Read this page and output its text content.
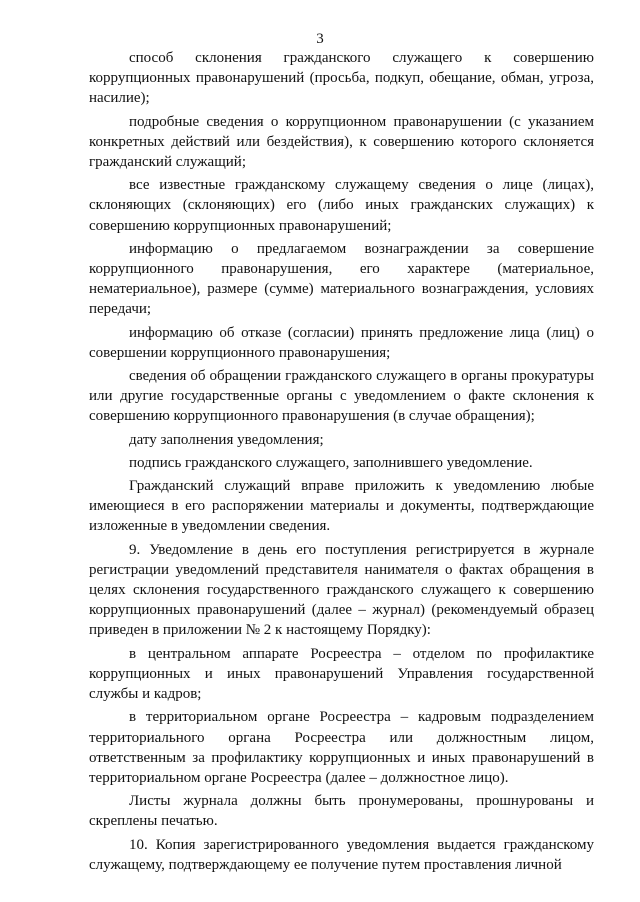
3

способ склонения гражданского служащего к совершению коррупционных правонарушений (просьба, подкуп, обещание, обман, угроза, насилие);

подробные сведения о коррупционном правонарушении (с указанием конкретных действий или бездействия), к совершению которого склоняется гражданский служащий;

все известные гражданскому служащему сведения о лице (лицах), склоняющих (склоняющих) его (либо иных гражданских служащих) к совершению коррупционных правонарушений;

информацию о предлагаемом вознаграждении за совершение коррупционного правонарушения, его характере (материальное, нематериальное), размере (сумме) материального вознаграждения, условиях передачи;

информацию об отказе (согласии) принять предложение лица (лиц) о совершении коррупционного правонарушения;

сведения об обращении гражданского служащего в органы прокуратуры или другие государственные органы с уведомлением о факте склонения к совершению коррупционного правонарушения (в случае обращения);

дату заполнения уведомления;

подпись гражданского служащего, заполнившего уведомление.

Гражданский служащий вправе приложить к уведомлению любые имеющиеся в его распоряжении материалы и документы, подтверждающие изложенные в уведомлении сведения.

9. Уведомление в день его поступления регистрируется в журнале регистрации уведомлений представителя нанимателя о фактах обращения в целях склонения государственного гражданского служащего к совершению коррупционных правонарушений (далее – журнал) (рекомендуемый образец приведен в приложении № 2 к настоящему Порядку):

в центральном аппарате Росреестра – отделом по профилактике коррупционных и иных правонарушений Управления государственной службы и кадров;

в территориальном органе Росреестра – кадровым подразделением территориального органа Росреестра или должностным лицом, ответственным за профилактику коррупционных и иных правонарушений в территориальном органе Росреестра (далее – должностное лицо).

Листы журнала должны быть пронумерованы, прошнурованы и скреплены печатью.

10. Копия зарегистрированного уведомления выдается гражданскому служащему, подтверждающему ее получение путем проставления личной
